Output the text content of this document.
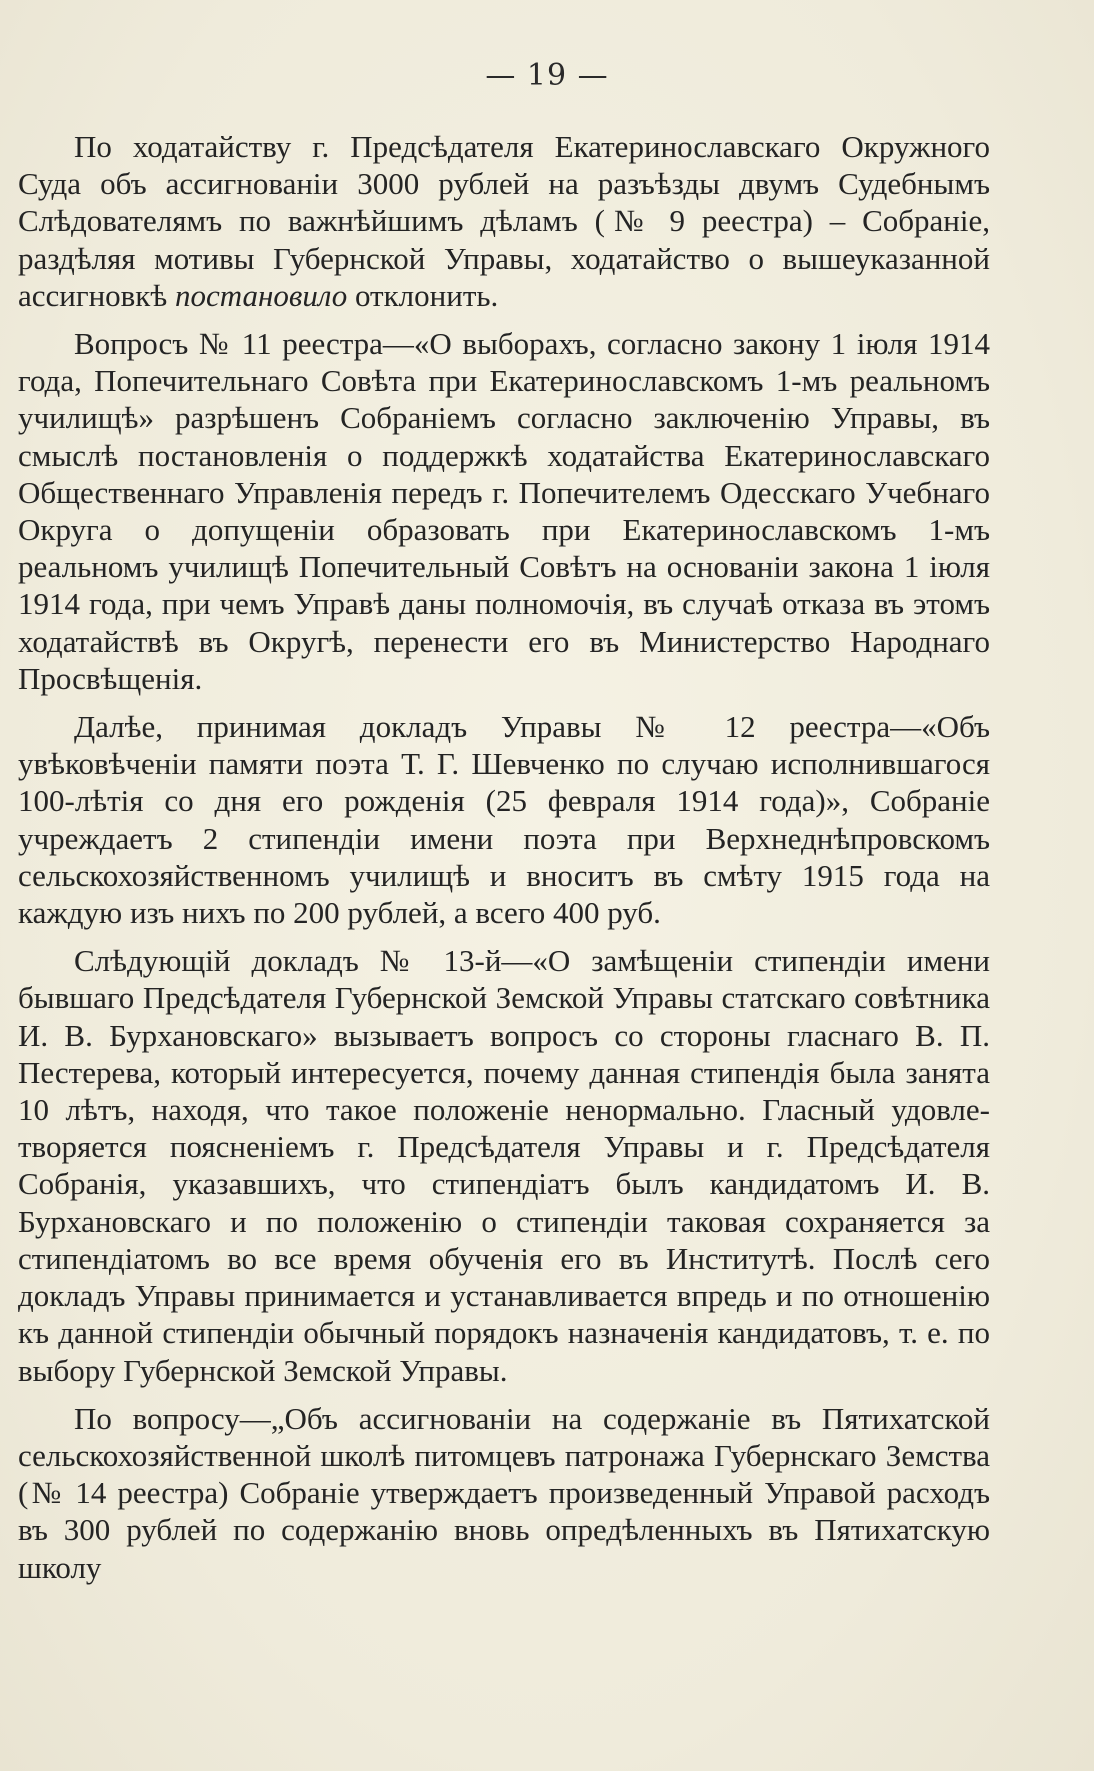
— 19 —

По ходатайству г. Предсѣдателя Екатеринославскаго Окружного Суда объ ассигнованіи 3000 рублей на разъѣзды двумъ Судебнымъ Слѣдователямъ по важнѣйшимъ дѣламъ (№ 9 реестра) – Собраніе, раздѣляя мотивы Губернской Управы, ходатайство о вышеуказанной ассигновкѣ постановило отклонить.

Вопросъ № 11 реестра—«О выборахъ, согласно закону 1 іюля 1914 года, Попечительнаго Совѣта при Екатеринославскомъ 1-мъ реальномъ училищѣ» разрѣшенъ Собраніемъ согласно заключенію Управы, въ смыслѣ постановленія о поддержкѣ ходатайства Екатеринославскаго Общественнаго Управленія передъ г. Попечителемъ Одесскаго Учебнаго Округа о допущеніи образовать при Екатеринославскомъ 1-мъ реальномъ училищѣ Попечительный Совѣтъ на основаніи закона 1 іюля 1914 года, при чемъ Управѣ даны полномочія, въ случаѣ отказа въ этомъ ходатайствѣ въ Округѣ, перенести его въ Министерство Народнаго Просвѣщенія.

Далѣе, принимая докладъ Управы № 12 реестра—«Объ увѣковѣченіи памяти поэта Т. Г. Шевченко по случаю исполнившагося 100-лѣтія со дня его рожденія (25 февраля 1914 года)», Собраніе учреждаетъ 2 стипендіи имени поэта при Верхнеднѣпровскомъ сельскохозяйственномъ училищѣ и вноситъ въ смѣту 1915 года на каждую изъ нихъ по 200 рублей, а всего 400 руб.

Слѣдующій докладъ № 13-й—«О замѣщеніи стипендіи имени бывшаго Предсѣдателя Губернской Земской Управы статскаго совѣтника И. В. Бурхановскаго» вызываетъ вопросъ со стороны гласнаго В. П. Пестерева, который интересуется, почему данная стипендія была занята 10 лѣтъ, находя, что такое положеніе ненормально. Гласный удовлетворяется поясненіемъ г. Предсѣдателя Управы и г. Предсѣдателя Собранія, указавшихъ, что стипендіатъ былъ кандидатомъ И. В. Бурхановскаго и по положенію о стипендіи таковая сохраняется за стипендіатомъ во все время обученія его въ Институтѣ. Послѣ сего докладъ Управы принимается и устанавливается впредь и по отношенію къ данной стипендіи обычный порядокъ назначенія кандидатовъ, т. е. по выбору Губернской Земской Управы.

По вопросу—„Объ ассигнованіи на содержаніе въ Пятихатской сельскохозяйственной школѣ питомцевъ патронажа Губернскаго Земства (№ 14 реестра) Собраніе утверждаетъ произведенный Управой расходъ въ 300 рублей по содержанію вновь опредѣленныхъ въ Пятихатскую школу
